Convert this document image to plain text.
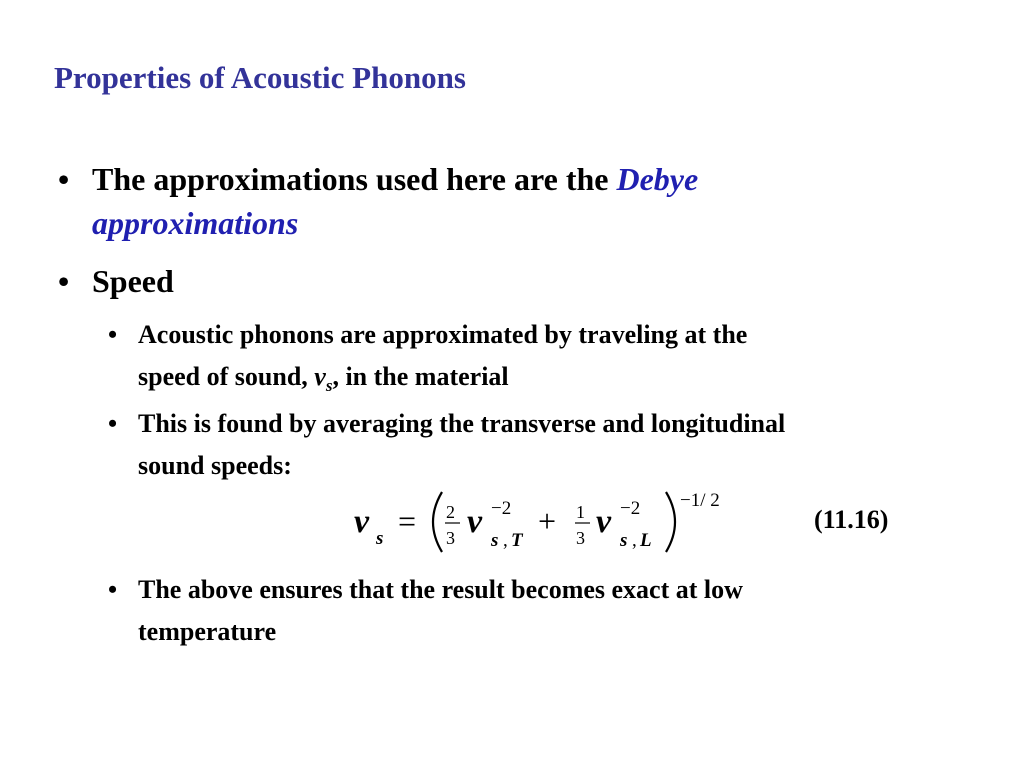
Properties of Acoustic Phonons
• The approximations used here are the Debye
approximations
• Speed
• Acoustic phonons are approximated by traveling at the
speed of sound, $v_s$, in the material
• This is found by averaging the transverse and longitudinal
sound speeds:
v s = 2
3 v −2
s , T
+ 1
3 v −2
s , L
−1/ 2
(11.16)
• The above ensures that the result becomes exact at low
temperature
